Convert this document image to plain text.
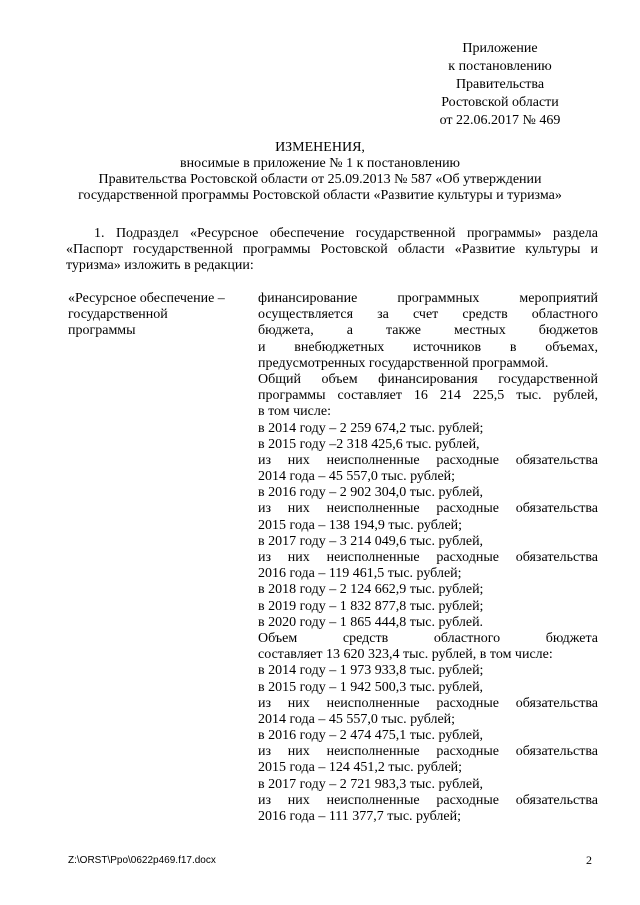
Приложение
к постановлению
Правительства
Ростовской области
от 22.06.2017 № 469
ИЗМЕНЕНИЯ,
вносимые в приложение № 1 к постановлению
Правительства Ростовской области от 25.09.2013 № 587 «Об утверждении
государственной программы Ростовской области «Развитие культуры и туризма»

1. Подраздел «Ресурсное обеспечение государственной программы» раздела «Паспорт государственной программы Ростовской области «Развитие культуры и туризма» изложить в редакции:

«Ресурсное обеспечение –
государственной
программы
финансирование программных мероприятий
осуществляется за счет средств областного
бюджета, а также местных бюджетов
и внебюджетных источников в объемах,
предусмотренных государственной программой.
Общий объем финансирования государственной
программы составляет 16 214 225,5 тыс. рублей,
в том числе:
в 2014 году – 2 259 674,2 тыс. рублей;
в 2015 году –2 318 425,6 тыс. рублей,
из них неисполненные расходные обязательства
2014 года – 45 557,0 тыс. рублей;
в 2016 году – 2 902 304,0 тыс. рублей,
из них неисполненные расходные обязательства
2015 года – 138 194,9 тыс. рублей;
в 2017 году – 3 214 049,6 тыс. рублей,
из них неисполненные расходные обязательства
2016 года – 119 461,5 тыс. рублей;
в 2018 году – 2 124 662,9 тыс. рублей;
в 2019 году – 1 832 877,8 тыс. рублей;
в 2020 году – 1 865 444,8 тыс. рублей.
Объем средств областного бюджета
составляет 13 620 323,4 тыс. рублей, в том числе:
в 2014 году – 1 973 933,8 тыс. рублей;
в 2015 году – 1 942 500,3 тыс. рублей,
из них неисполненные расходные обязательства
2014 года – 45 557,0 тыс. рублей;
в 2016 году – 2 474 475,1 тыс. рублей,
из них неисполненные расходные обязательства
2015 года – 124 451,2 тыс. рублей;
в 2017 году – 2 721 983,3 тыс. рублей,
из них неисполненные расходные обязательства
2016 года – 111 377,7 тыс. рублей;
Z:\ORST\Ppo\0622p469.f17.docx	2
